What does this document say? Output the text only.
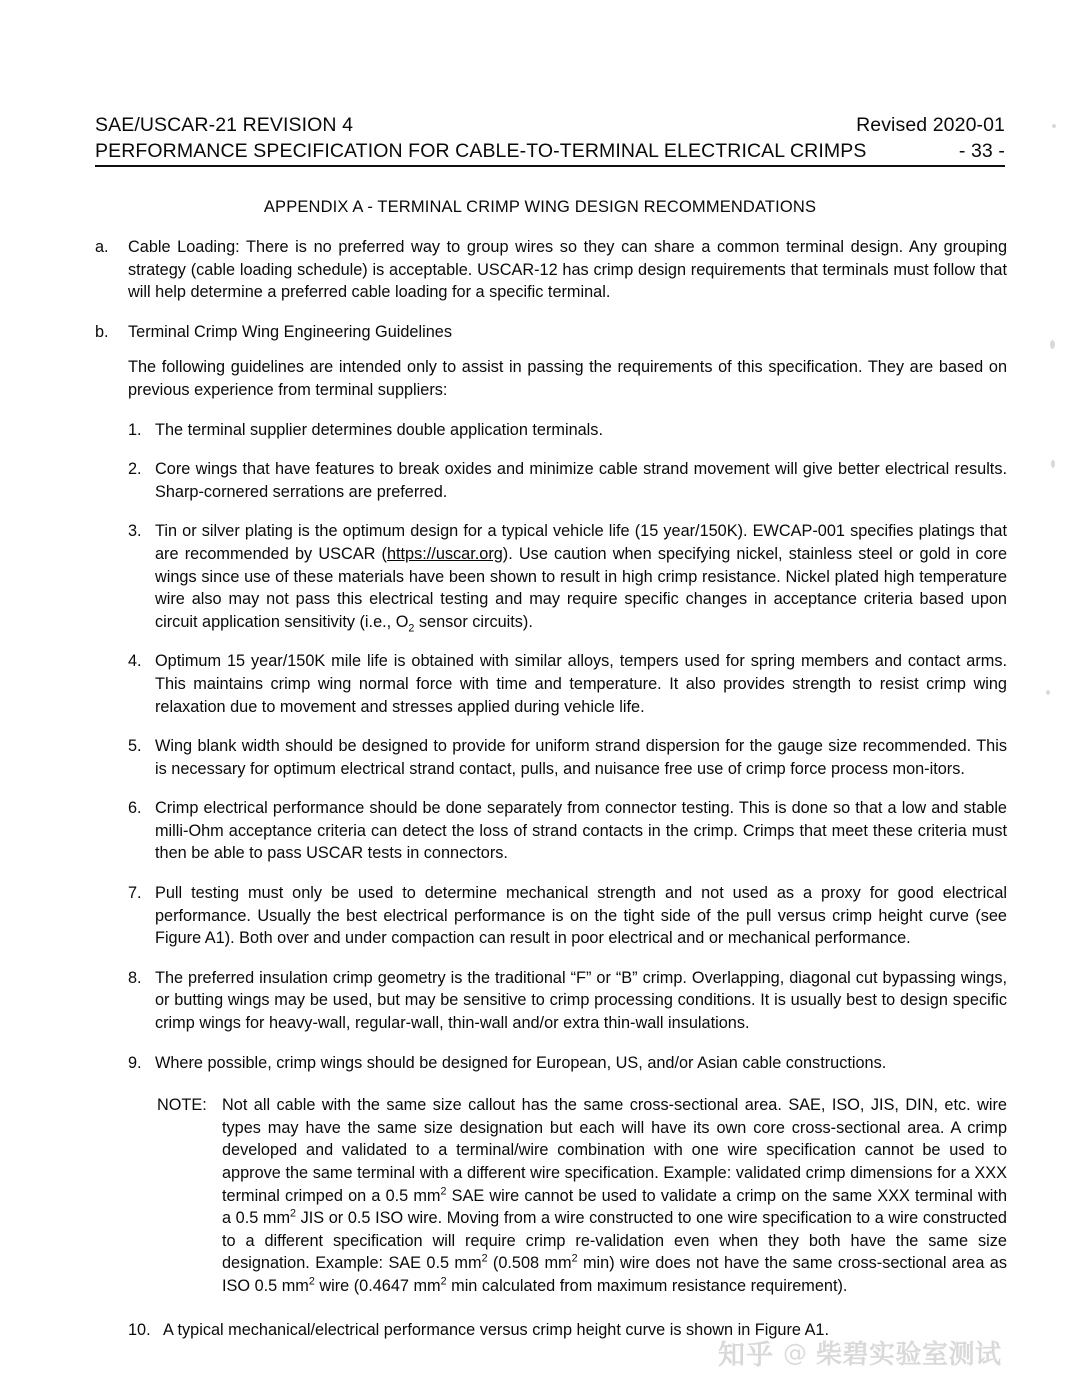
SAE/USCAR-21 REVISION 4	Revised 2020-01
PERFORMANCE SPECIFICATION FOR CABLE-TO-TERMINAL ELECTRICAL CRIMPS	- 33 -
APPENDIX A - TERMINAL CRIMP WING DESIGN RECOMMENDATIONS
a.	Cable Loading: There is no preferred way to group wires so they can share a common terminal design. Any grouping strategy (cable loading schedule) is acceptable. USCAR-12 has crimp design requirements that terminals must follow that will help determine a preferred cable loading for a specific terminal.
b.	Terminal Crimp Wing Engineering Guidelines
The following guidelines are intended only to assist in passing the requirements of this specification. They are based on previous experience from terminal suppliers:
1. The terminal supplier determines double application terminals.
2. Core wings that have features to break oxides and minimize cable strand movement will give better electrical results. Sharp-cornered serrations are preferred.
3. Tin or silver plating is the optimum design for a typical vehicle life (15 year/150K). EWCAP-001 specifies platings that are recommended by USCAR (https://uscar.org). Use caution when specifying nickel, stainless steel or gold in core wings since use of these materials have been shown to result in high crimp resistance. Nickel plated high temperature wire also may not pass this electrical testing and may require specific changes in acceptance criteria based upon circuit application sensitivity (i.e., $O_2$ sensor circuits).
4. Optimum 15 year/150K mile life is obtained with similar alloys, tempers used for spring members and contact arms. This maintains crimp wing normal force with time and temperature. It also provides strength to resist crimp wing relaxation due to movement and stresses applied during vehicle life.
5. Wing blank width should be designed to provide for uniform strand dispersion for the gauge size recommended. This is necessary for optimum electrical strand contact, pulls, and nuisance free use of crimp force process mon-itors.
6. Crimp electrical performance should be done separately from connector testing. This is done so that a low and stable milli-Ohm acceptance criteria can detect the loss of strand contacts in the crimp. Crimps that meet these criteria must then be able to pass USCAR tests in connectors.
7. Pull testing must only be used to determine mechanical strength and not used as a proxy for good electrical performance. Usually the best electrical performance is on the tight side of the pull versus crimp height curve (see Figure A1). Both over and under compaction can result in poor electrical and or mechanical performance.
8. The preferred insulation crimp geometry is the traditional “F” or “B” crimp. Overlapping, diagonal cut bypassing wings, or butting wings may be used, but may be sensitive to crimp processing conditions. It is usually best to design specific crimp wings for heavy-wall, regular-wall, thin-wall and/or extra thin-wall insulations.
9. Where possible, crimp wings should be designed for European, US, and/or Asian cable constructions.
NOTE: Not all cable with the same size callout has the same cross-sectional area. SAE, ISO, JIS, DIN, etc. wire types may have the same size designation but each will have its own core cross-sectional area. A crimp developed and validated to a terminal/wire combination with one wire specification cannot be used to approve the same terminal with a different wire specification. Example: validated crimp dimensions for a XXX terminal crimped on a 0.5 $mm^2$ SAE wire cannot be used to validate a crimp on the same XXX terminal with a 0.5 $mm^2$ JIS or 0.5 ISO wire. Moving from a wire constructed to one wire specification to a wire constructed to a different specification will require crimp re-validation even when they both have the same size designation. Example: SAE 0.5 $mm^2$ (0.508 $mm^2$ min) wire does not have the same cross-sectional area as ISO 0.5 $mm^2$ wire (0.4647 $mm^2$ min calculated from maximum resistance requirement).
10. A typical mechanical/electrical performance versus crimp height curve is shown in Figure A1.
知乎 @ 柴碧实验室测试
